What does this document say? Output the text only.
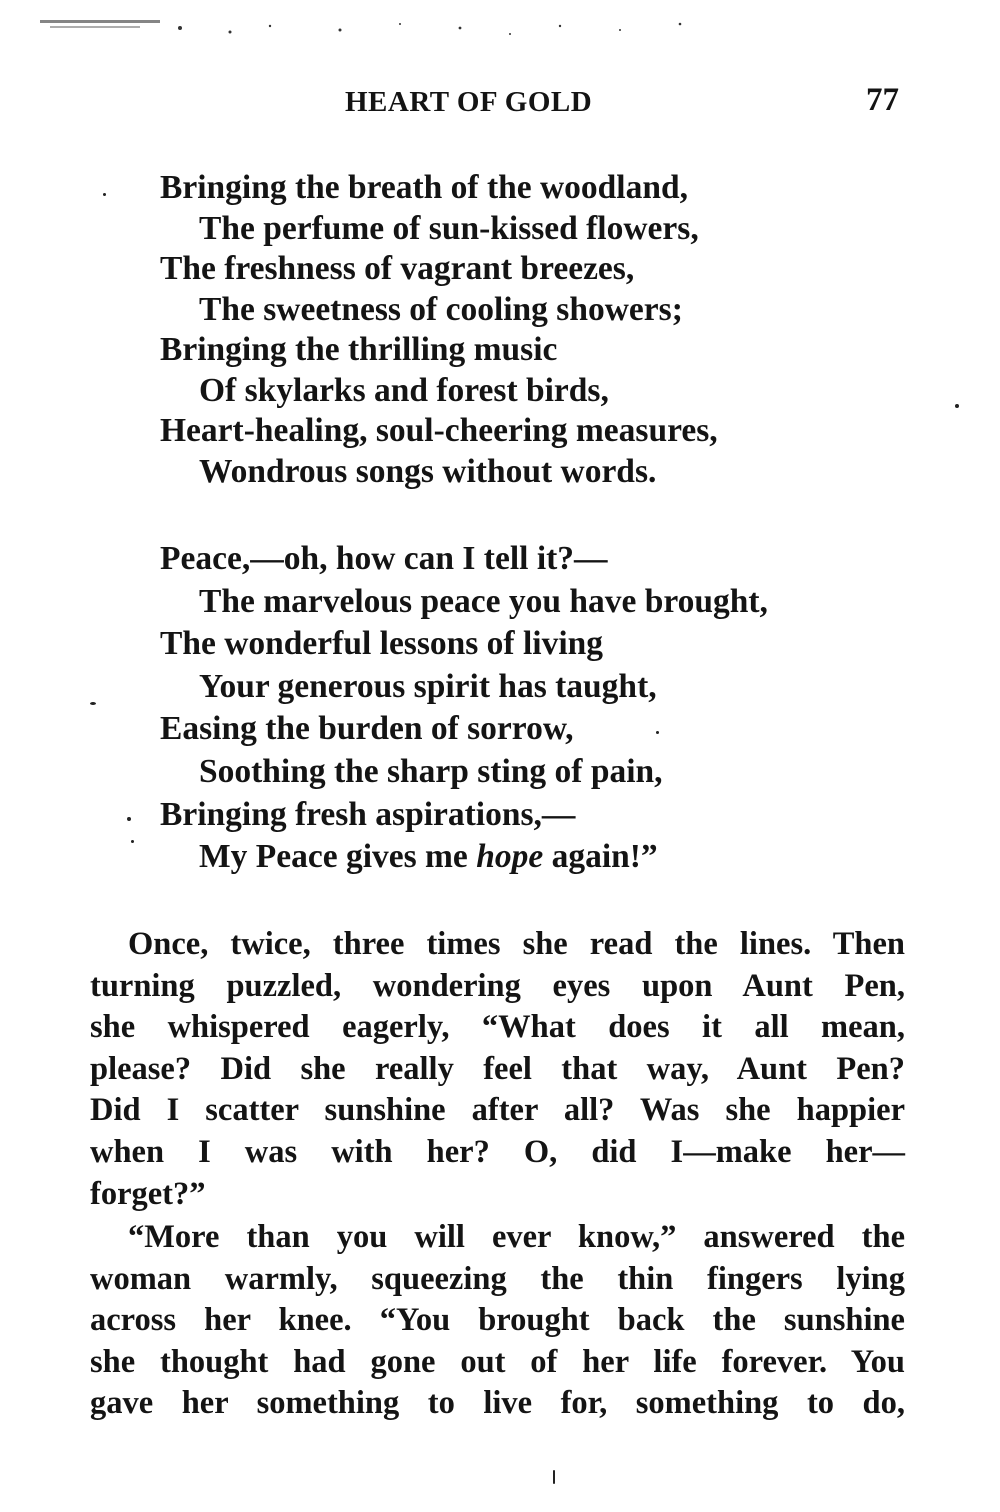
HEART OF GOLD	77
Bringing the breath of the woodland,
The perfume of sun-kissed flowers,
The freshness of vagrant breezes,
The sweetness of cooling showers;
Bringing the thrilling music
Of skylarks and forest birds,
Heart-healing, soul-cheering measures,
Wondrous songs without words.
Peace,—oh, how can I tell it?—
The marvelous peace you have brought,
The wonderful lessons of living
Your generous spirit has taught,
Easing the burden of sorrow,
Soothing the sharp sting of pain,
Bringing fresh aspirations,—
My Peace gives me hope again!”
Once, twice, three times she read the lines. Then
turning puzzled, wondering eyes upon Aunt Pen,
she whispered eagerly, “What does it all mean,
please? Did she really feel that way, Aunt Pen?
Did I scatter sunshine after all? Was she happier
when I was with her? O, did I—make her—
forget?”
“More than you will ever know,” answered the
woman warmly, squeezing the thin fingers lying
across her knee. “You brought back the sunshine
she thought had gone out of her life forever. You
gave her something to live for, something to do,
